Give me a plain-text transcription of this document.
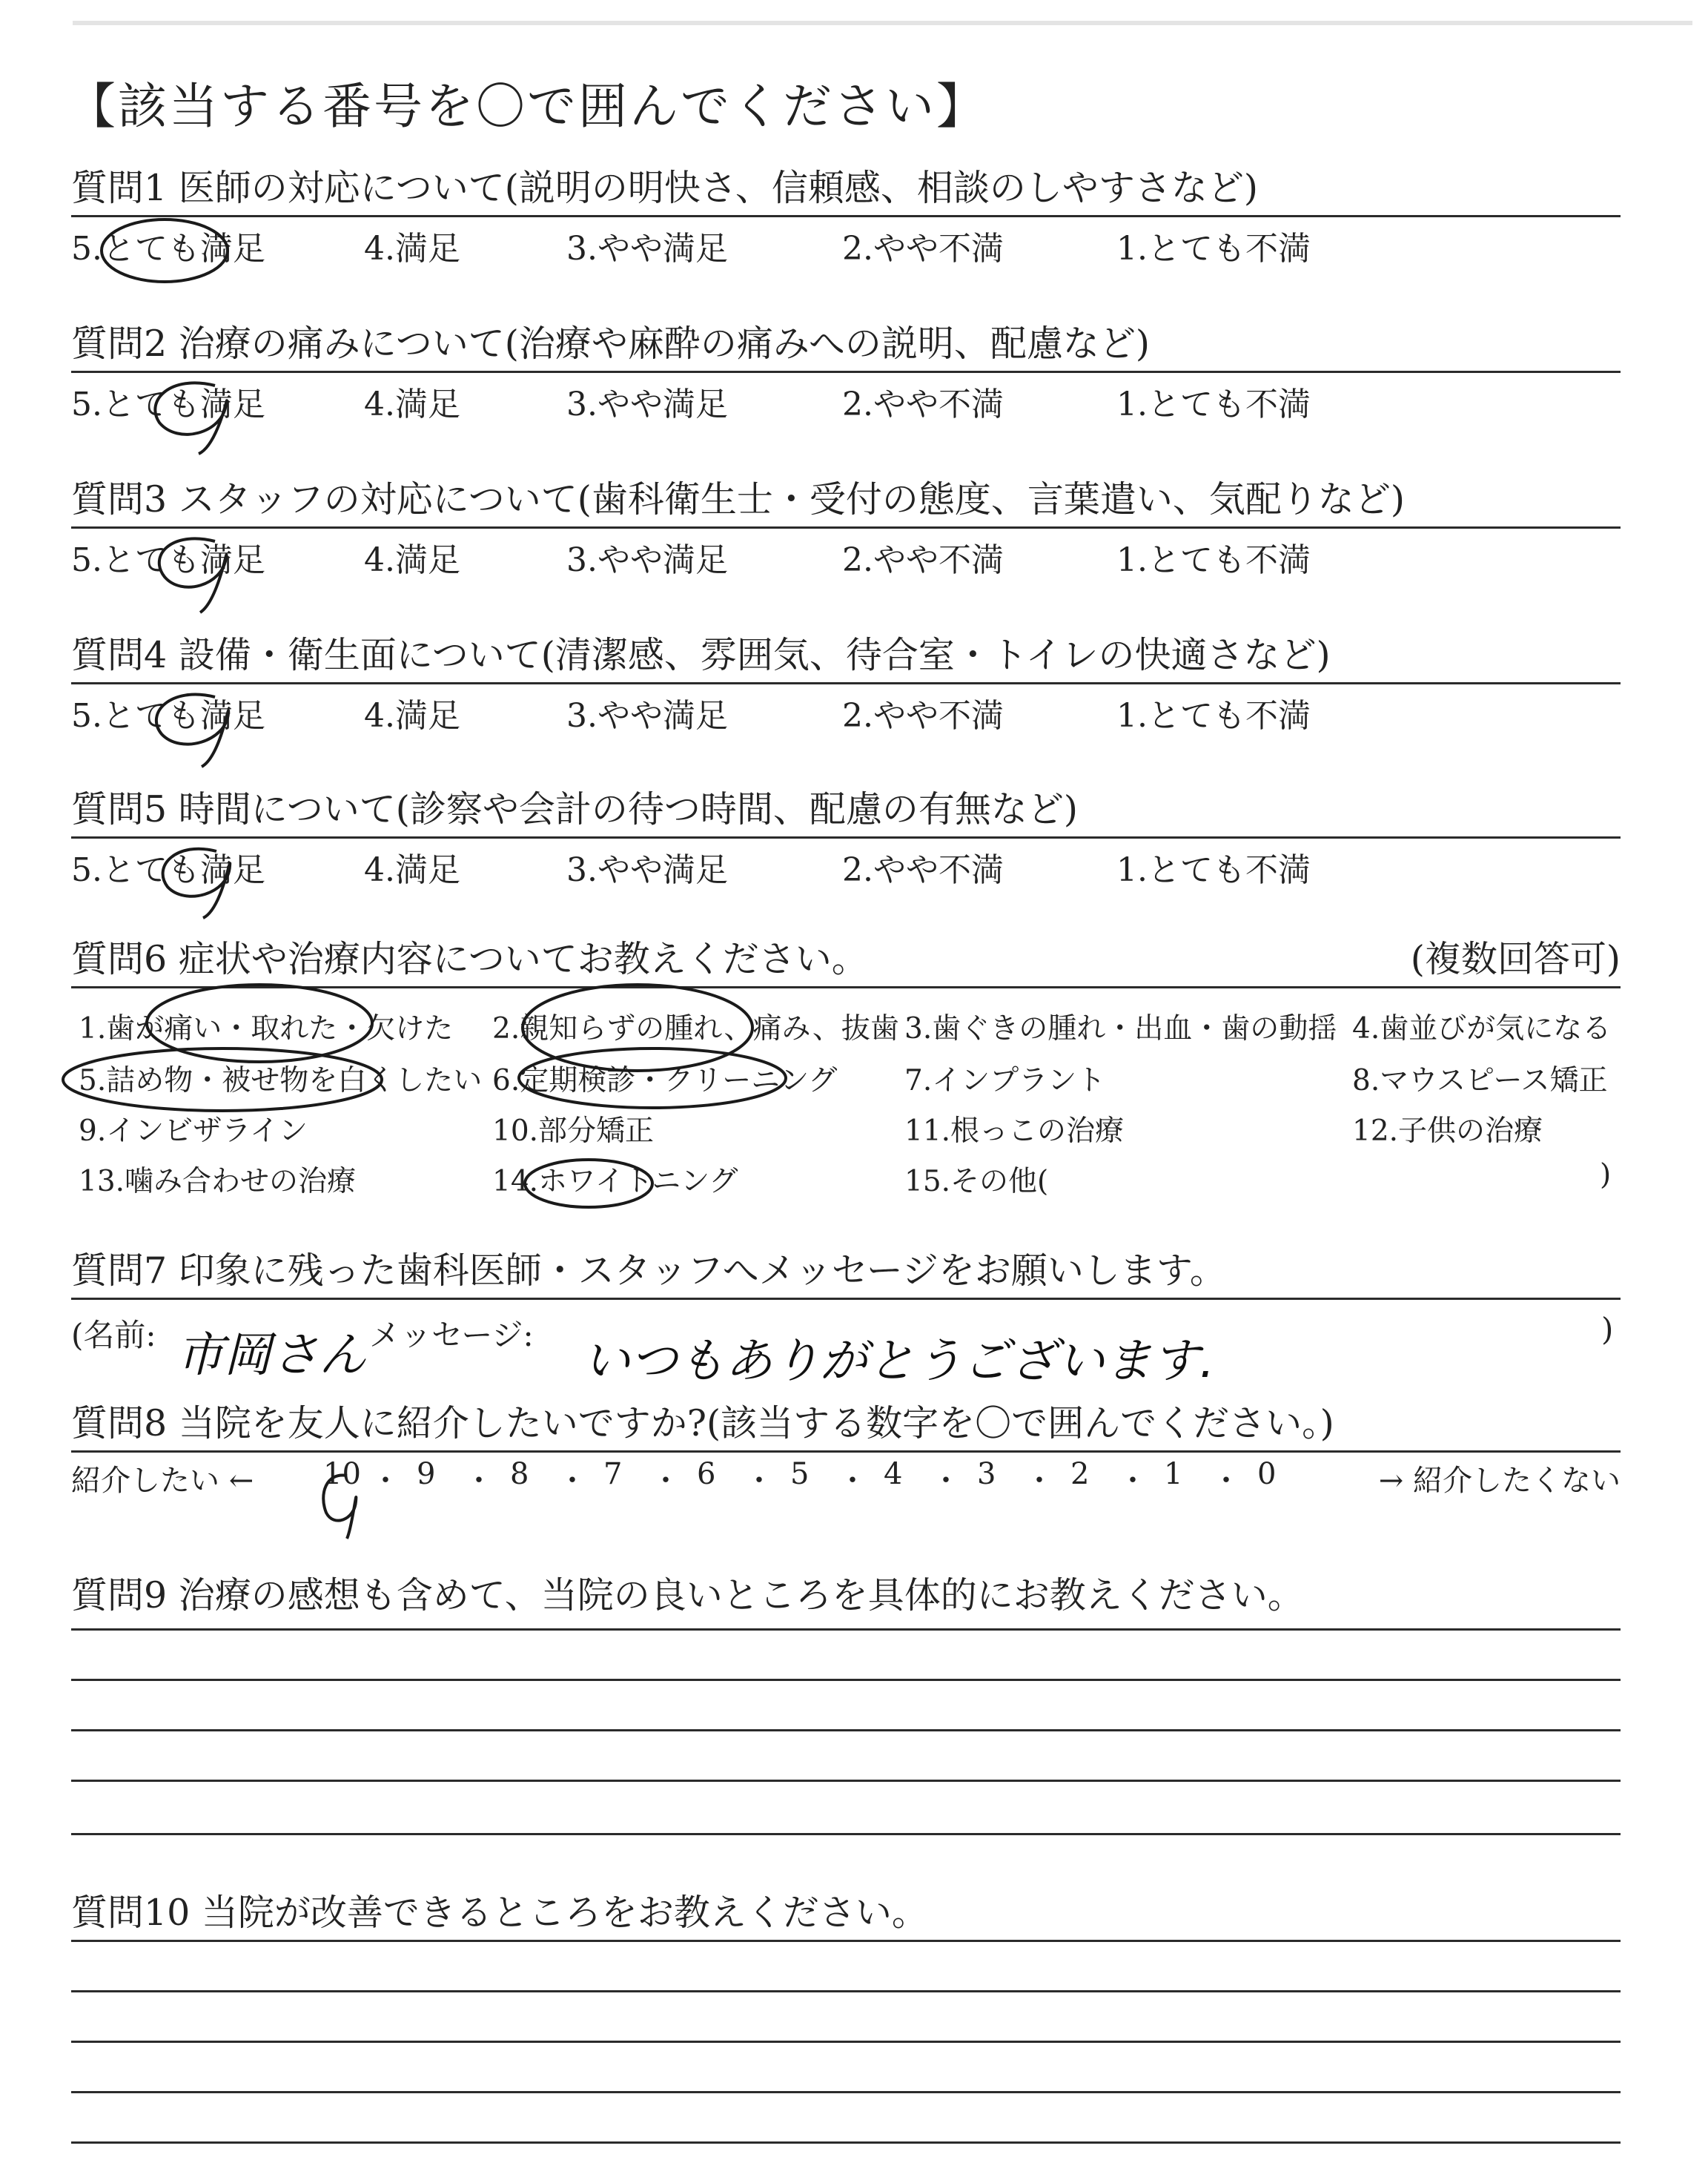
【該当する番号を〇で囲んでください】
質問1 医師の対応について(説明の明快さ、信頼感、相談のしやすさなど)
5.とても満足	4.満足	3.やや満足	2.やや不満	1.とても不満
質問2 治療の痛みについて(治療や麻酔の痛みへの説明、配慮など)
5.とても満足	4.満足	3.やや満足	2.やや不満	1.とても不満
質問3 スタッフの対応について(歯科衛生士・受付の態度、言葉遣い、気配りなど)
5.とても満足	4.満足	3.やや満足	2.やや不満	1.とても不満
質問4 設備・衛生面について(清潔感、雰囲気、待合室・トイレの快適さなど)
5.とても満足	4.満足	3.やや満足	2.やや不満	1.とても不満
質問5 時間について(診察や会計の待つ時間、配慮の有無など)
5.とても満足	4.満足	3.やや満足	2.やや不満	1.とても不満
質問6 症状や治療内容についてお教えください。	(複数回答可)
1.歯が痛い・取れた・欠けた 2.親知らずの腫れ、痛み、抜歯 3.歯ぐきの腫れ・出血・歯の動揺 4.歯並びが気になる
5.詰め物・被せ物を白くしたい 6.定期検診・クリーニング 7.インプラント	8.マウスピース矯正
9.インビザライン	10.部分矯正	11.根っこの治療	12.子供の治療
13.噛み合わせの治療	14.ホワイトニング	15.その他(	)
質問7 印象に残った歯科医師・スタッフへメッセージをお願いします。
(名前:	メッセージ:	)
市岡さん	いつもありがとうございます.
質問8 当院を友人に紹介したいですか?(該当する数字を〇で囲んでください。)
紹介したい ←	→ 紹介したくない
10 ・ 9 ・ 8 ・ 7 ・ 6 ・ 5 ・ 4 ・ 3 ・ 2 ・ 1 ・ 0
質問9 治療の感想も含めて、当院の良いところを具体的にお教えください。
質問10 当院が改善できるところをお教えください。
